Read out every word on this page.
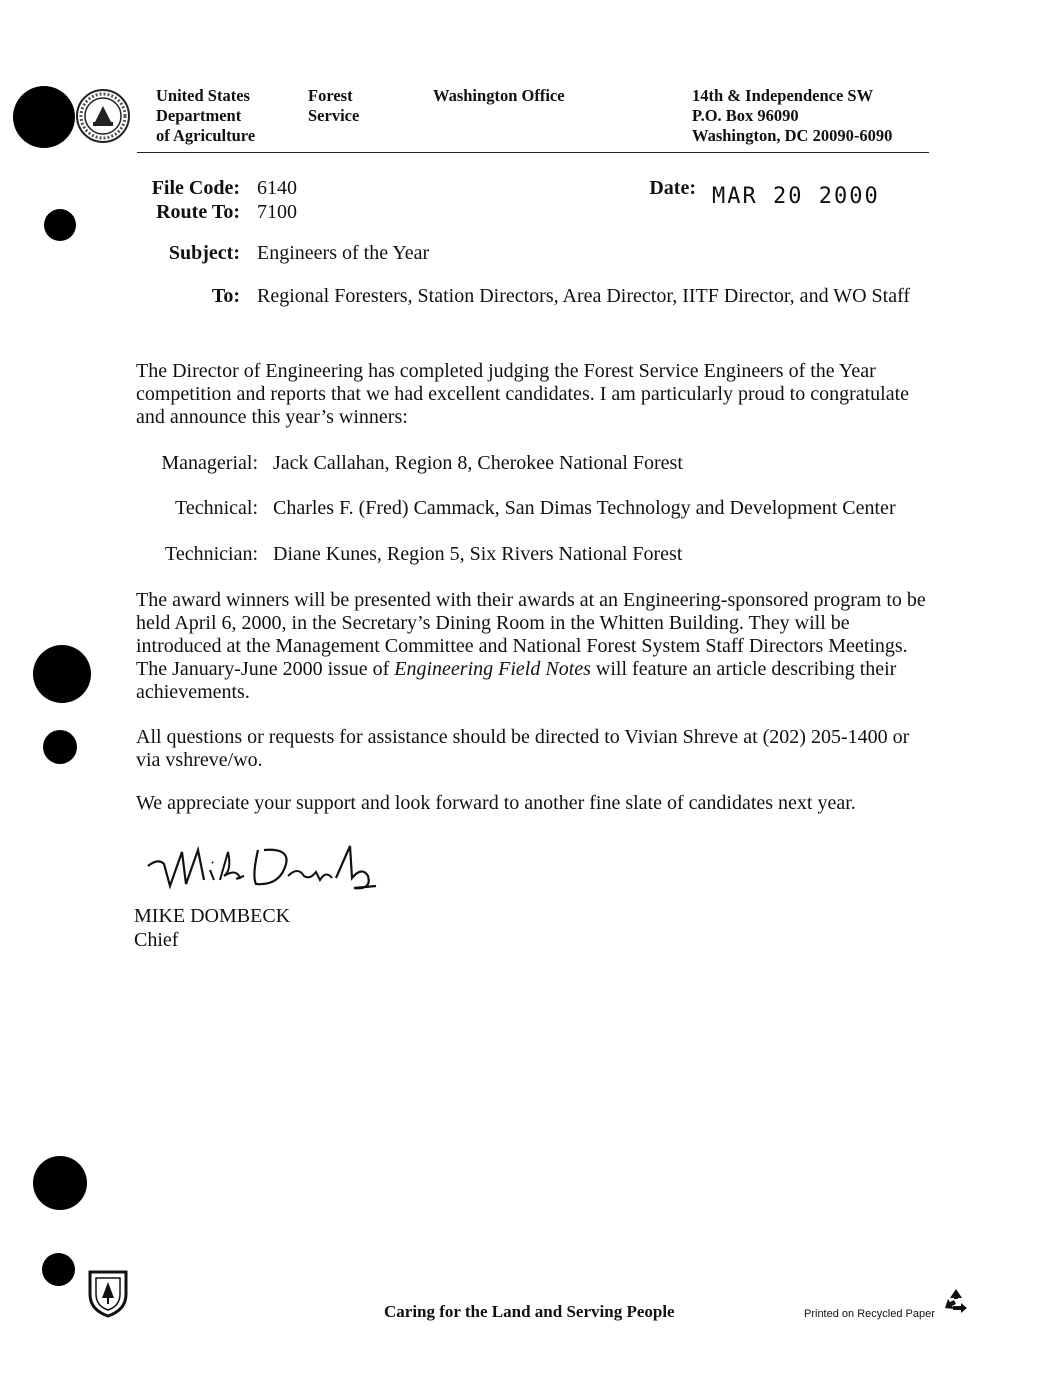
United States
Department
of Agriculture
Forest
Service
Washington Office	14th & Independence SW
P.O. Box 96090
Washington, DC 20090-6090
File Code: 6140
Route To: 7100
Date: MAR 20 2000
Subject: Engineers of the Year
To: Regional Foresters, Station Directors, Area Director, IITF Director, and WO Staff
The Director of Engineering has completed judging the Forest Service Engineers of the Year competition and reports that we had excellent candidates. I am particularly proud to congratulate and announce this year’s winners:
Managerial: Jack Callahan, Region 8, Cherokee National Forest
Technical: Charles F. (Fred) Cammack, San Dimas Technology and Development Center
Technician: Diane Kunes, Region 5, Six Rivers National Forest
The award winners will be presented with their awards at an Engineering-sponsored program to be held April 6, 2000, in the Secretary’s Dining Room in the Whitten Building. They will be introduced at the Management Committee and National Forest System Staff Directors Meetings. The January-June 2000 issue of Engineering Field Notes will feature an article describing their achievements.
All questions or requests for assistance should be directed to Vivian Shreve at (202) 205-1400 or via vshreve/wo.
We appreciate your support and look forward to another fine slate of candidates next year.
MIKE DOMBECK
Chief
Caring for the Land and Serving People	Printed on Recycled Paper
